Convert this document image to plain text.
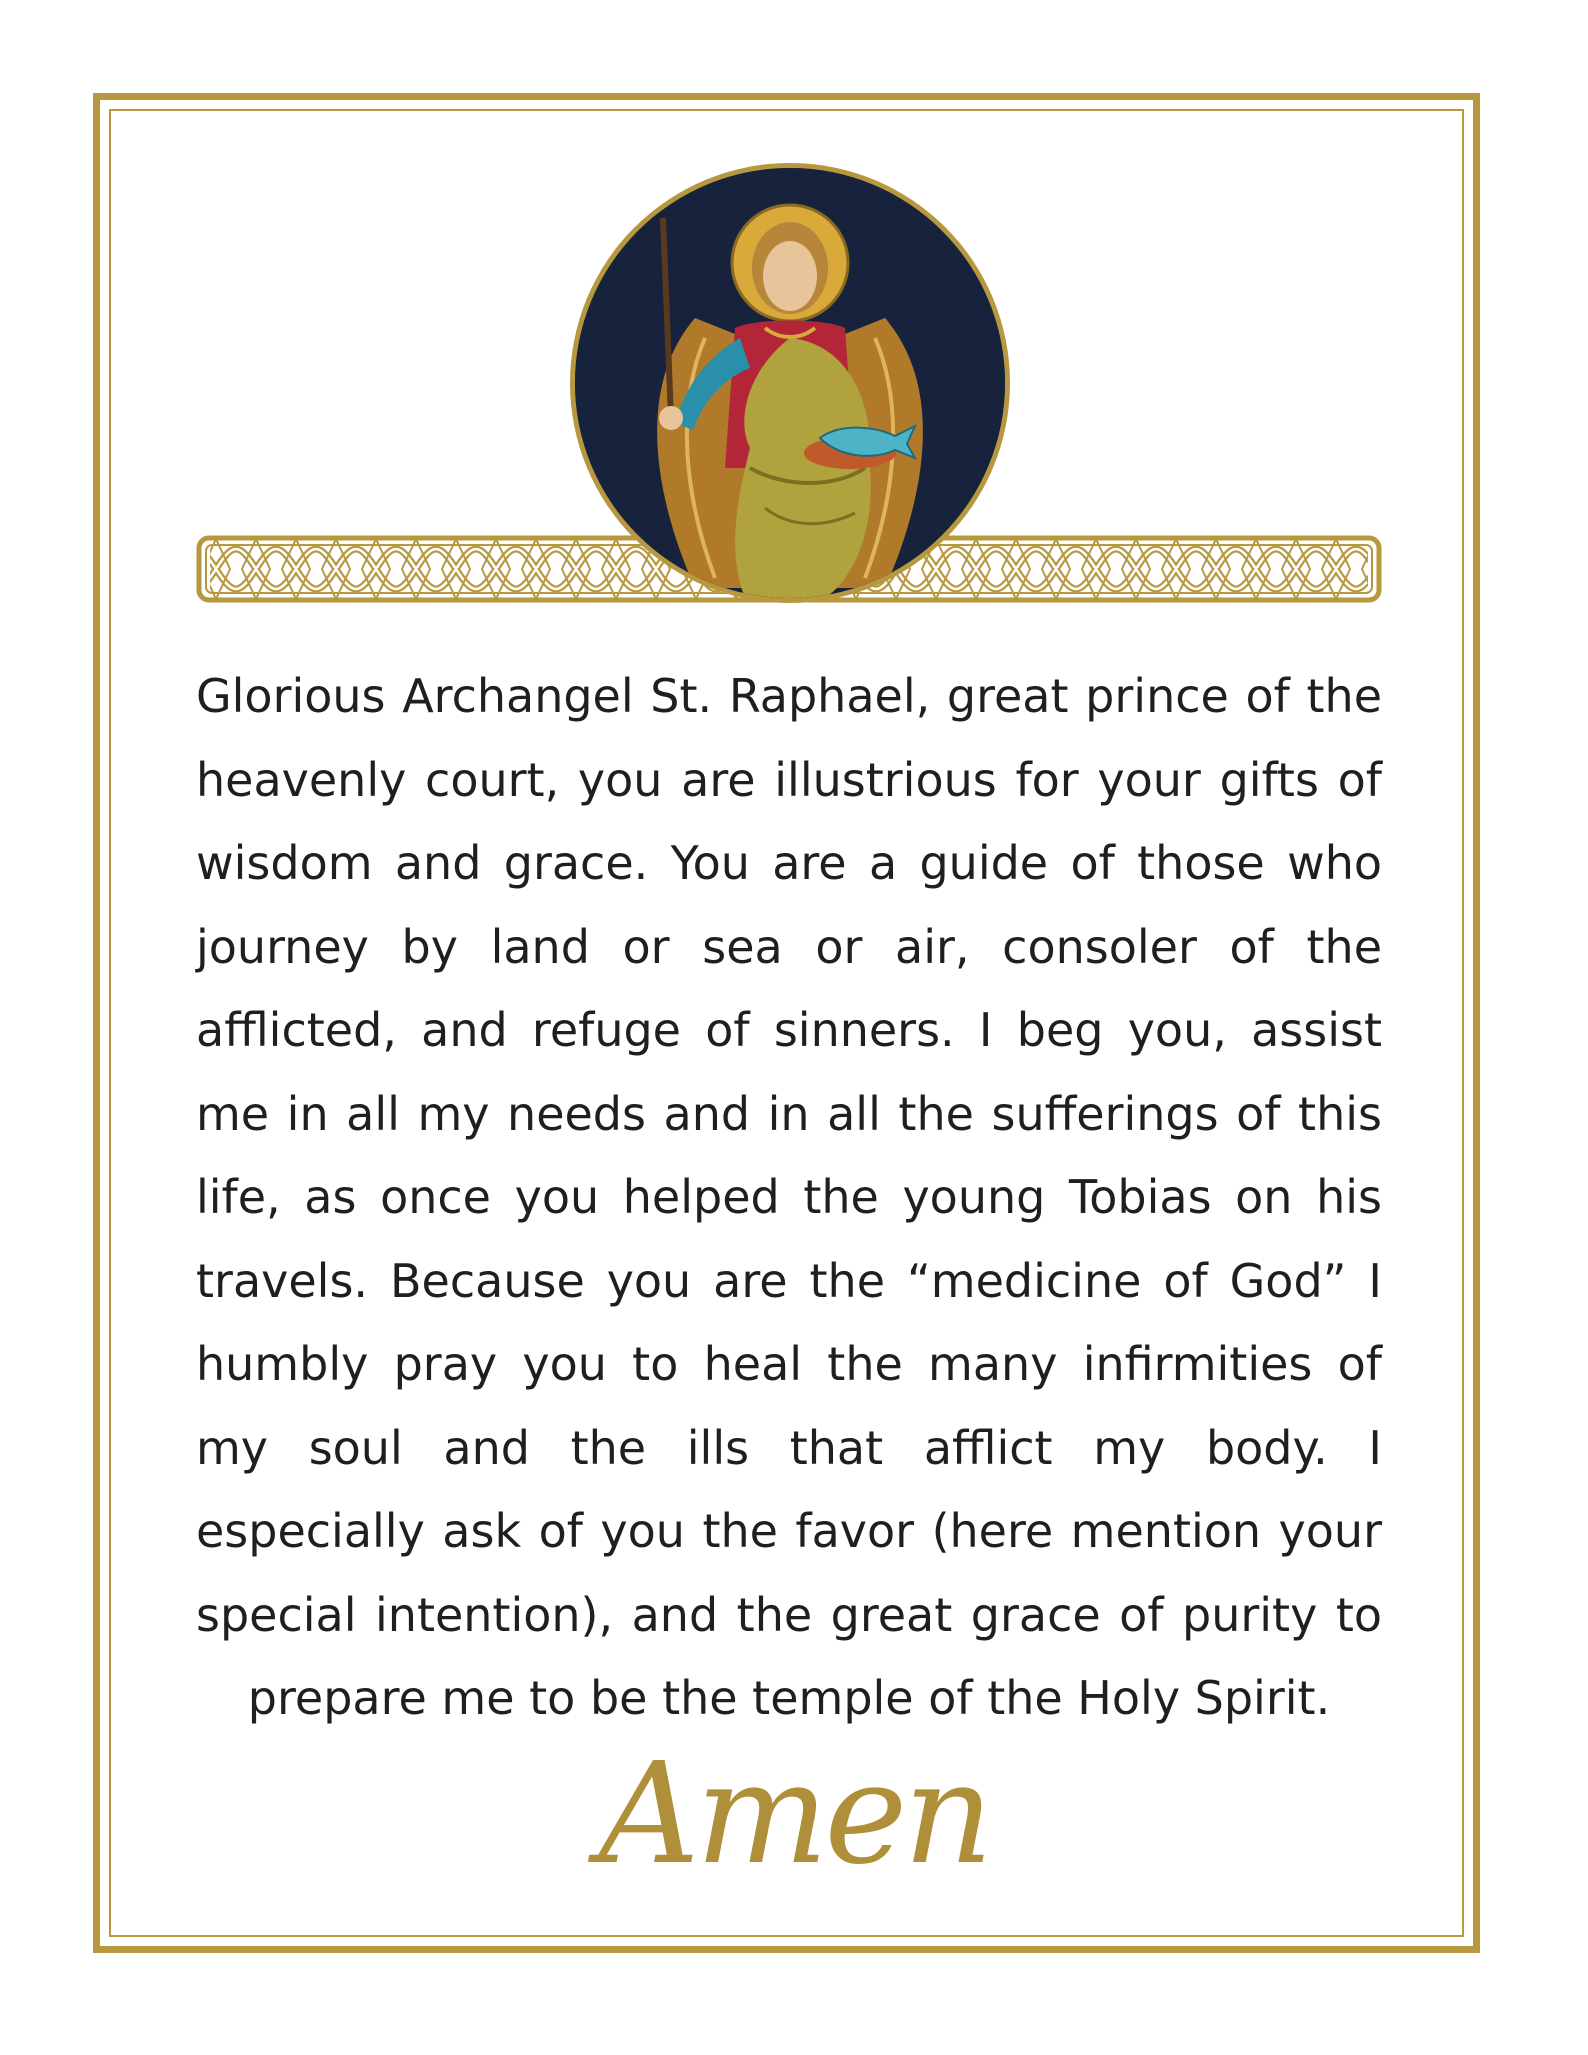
Glorious Archangel St. Raphael, great prince of the heavenly court, you are illustrious for your gifts of wisdom and grace. You are a guide of those who journey by land or sea or air, consoler of the afflicted, and refuge of sinners. I beg you, assist me in all my needs and in all the sufferings of this life, as once you helped the young Tobias on his travels. Because you are the “medicine of God” I humbly pray you to heal the many infirmities of my soul and the ills that afflict my body. I especially ask of you the favor (here mention your special intention), and the great grace of purity to prepare me to be the temple of the Holy Spirit.

Amen
